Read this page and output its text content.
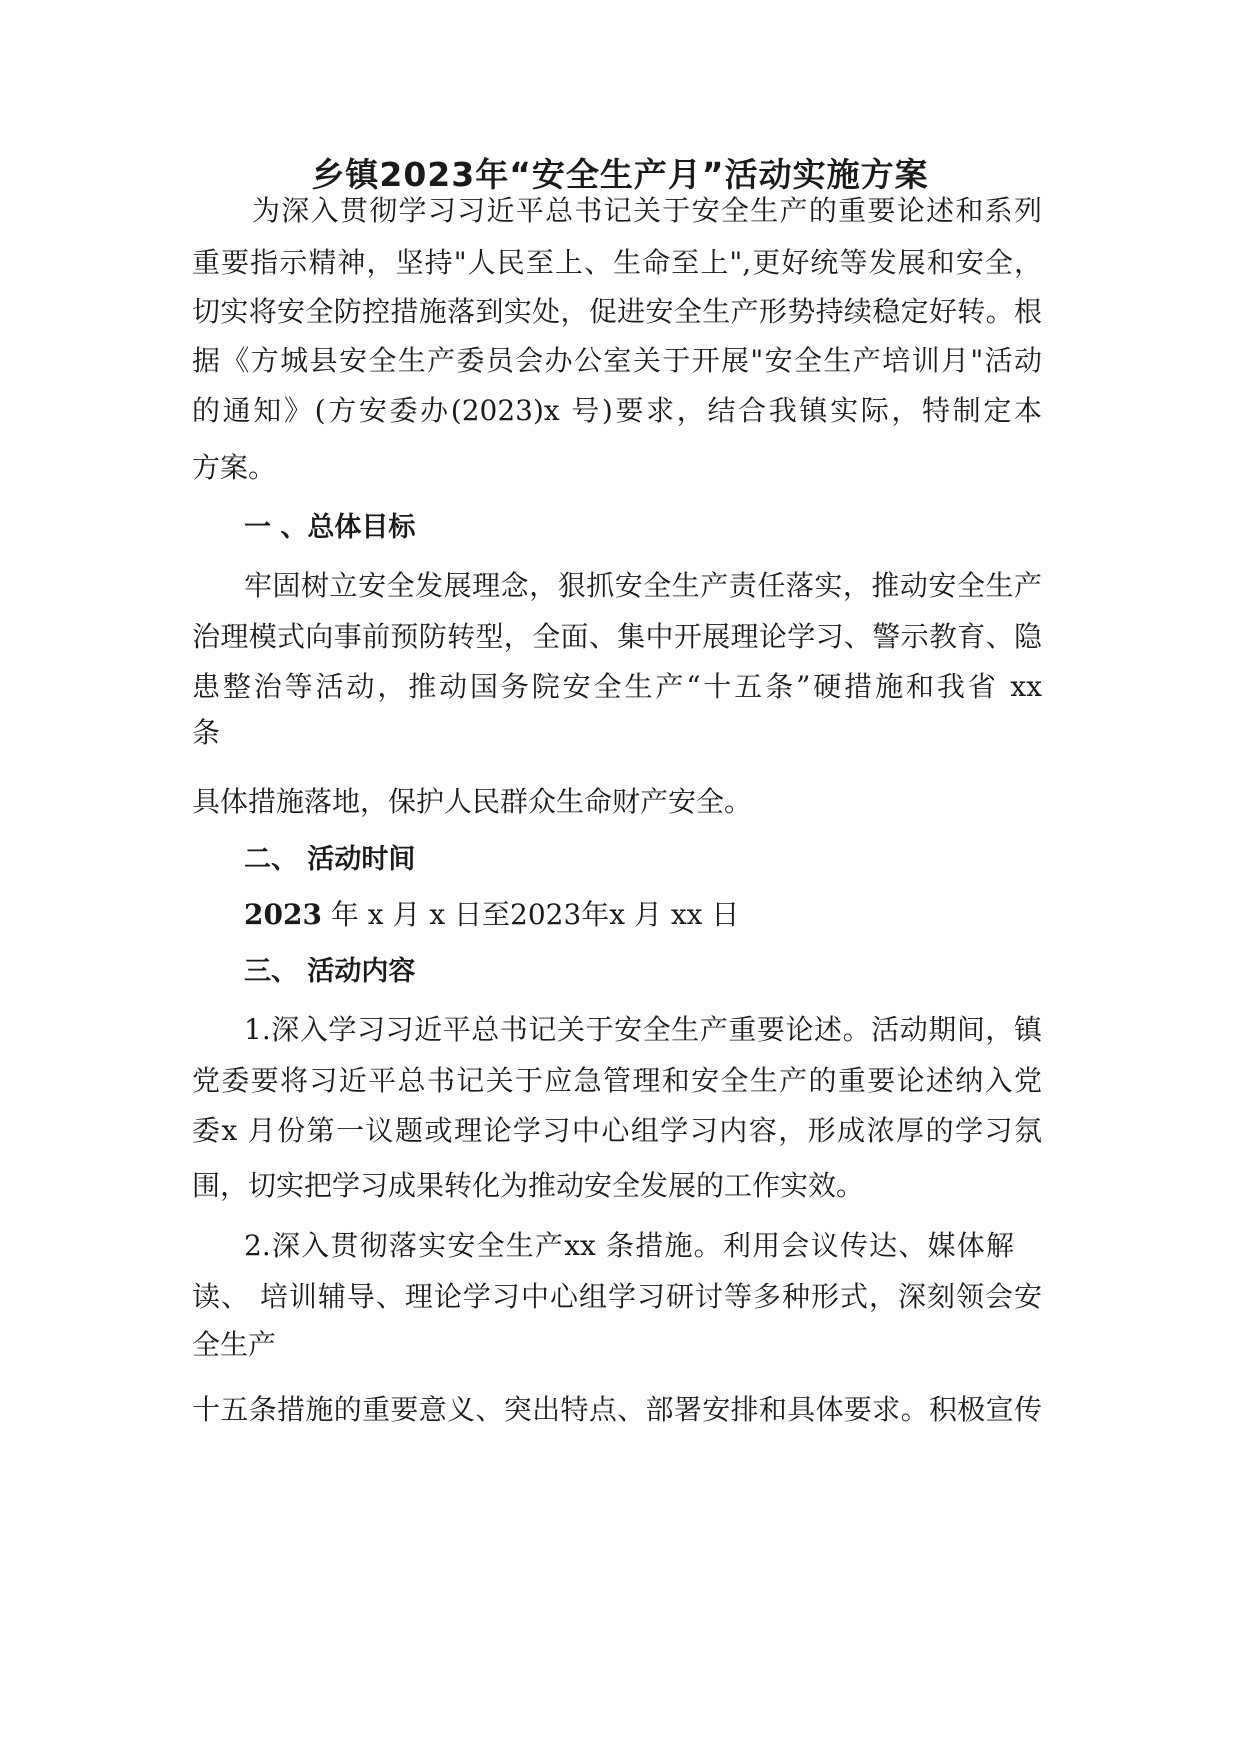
乡镇2023年“安全生产月”活动实施方案

为深入贯彻学习习近平总书记关于安全生产的重要论述和系列

重要指示精神，坚持"人民至上、生命至上",更好统等发展和安全，

切实将安全防控措施落到实处，促进安全生产形势持续稳定好转。根

据《方城县安全生产委员会办公室关于开展"安全生产培训月"活动

的通知》(方安委办(2023)x 号)要求，结合我镇实际，特制定本

方案。

一 、总体目标

牢固树立安全发展理念，狠抓安全生产责任落实，推动安全生产

治理模式向事前预防转型，全面、集中开展理论学习、警示教育、隐

患整治等活动，推动国务院安全生产“十五条”硬措施和我省 xx

条

具体措施落地，保护人民群众生命财产安全。

二、 活动时间

2023 年 x 月 x 日至2023年x 月 xx 日

三、 活动内容

1.深入学习习近平总书记关于安全生产重要论述。活动期间，镇

党委要将习近平总书记关于应急管理和安全生产的重要论述纳入党

委x 月份第一议题或理论学习中心组学习内容，形成浓厚的学习氛

围，切实把学习成果转化为推动安全发展的工作实效。

2.深入贯彻落实安全生产xx 条措施。利用会议传达、媒体解

读、 培训辅导、理论学习中心组学习研讨等多种形式，深刻领会安

全生产

十五条措施的重要意义、突出特点、部署安排和具体要求。积极宣传
